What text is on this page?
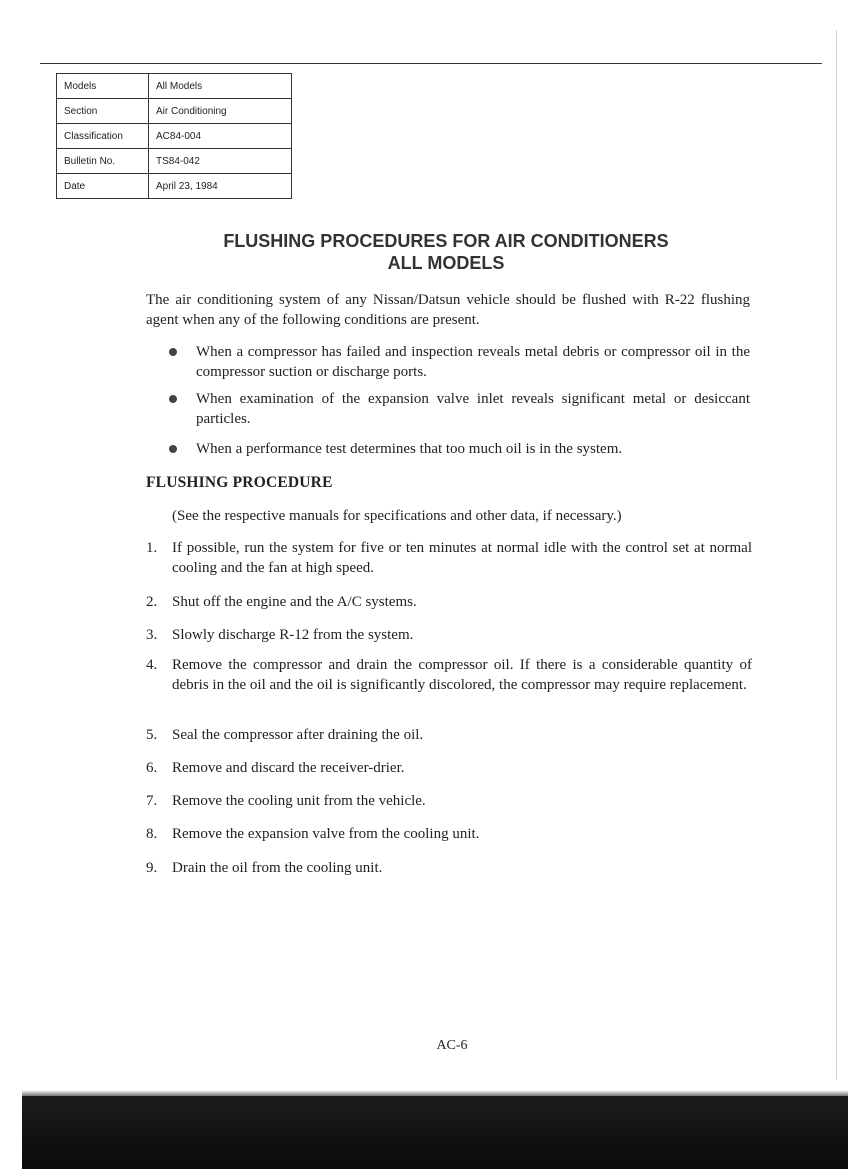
Models	All Models
Section	Air Conditioning
Classification	AC84-004
Bulletin No.	TS84-042
Date	April 23, 1984
FLUSHING PROCEDURES FOR AIR CONDITIONERS
ALL MODELS

The air conditioning system of any Nissan/Datsun vehicle should be flushed with R-22 flushing agent when any of the following conditions are present.

When a compressor has failed and inspection reveals metal debris or compressor oil in the compressor suction or discharge ports.
When examination of the expansion valve inlet reveals significant metal or desiccant particles.
When a performance test determines that too much oil is in the system.
FLUSHING PROCEDURE
(See the respective manuals for specifications and other data, if necessary.)
1. If possible, run the system for five or ten minutes at normal idle with the control set at normal cooling and the fan at high speed.
2. Shut off the engine and the A/C systems.
3. Slowly discharge R-12 from the system.
4. Remove the compressor and drain the compressor oil. If there is a considerable quantity of debris in the oil and the oil is significantly discolored, the compressor may require replacement.
5. Seal the compressor after draining the oil.
6. Remove and discard the receiver-drier.
7. Remove the cooling unit from the vehicle.
8. Remove the expansion valve from the cooling unit.
9. Drain the oil from the cooling unit.
AC-6
